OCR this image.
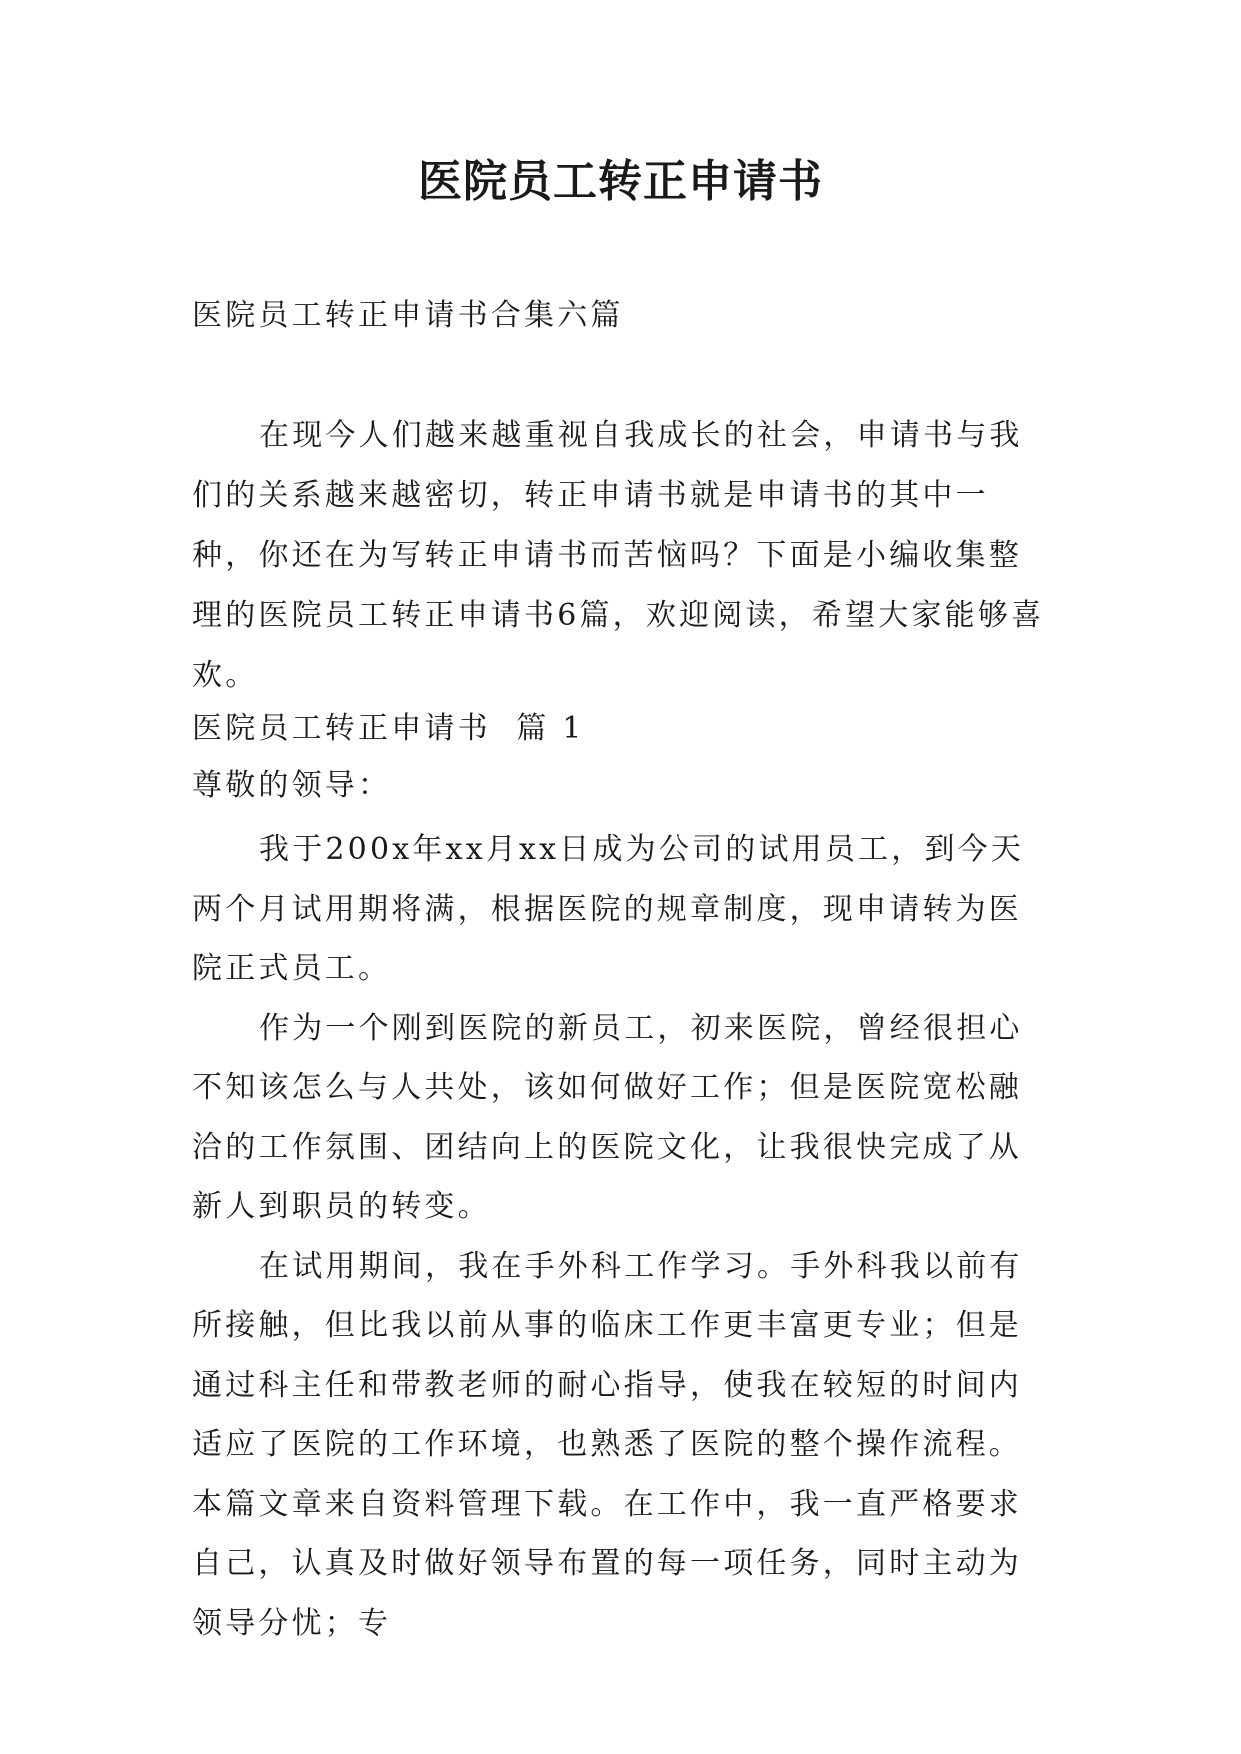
医院员工转正申请书

医院员工转正申请书合集六篇

在现今人们越来越重视自我成长的社会，申请书与我们的关系越来越密切，转正申请书就是申请书的其中一种，你还在为写转正申请书而苦恼吗？下面是小编收集整理的医院员工转正申请书6篇，欢迎阅读，希望大家能够喜欢。

医院员工转正申请书  篇 1

尊敬的领导：

我于200x年xx月xx日成为公司的试用员工，到今天两个月试用期将满，根据医院的规章制度，现申请转为医院正式员工。

作为一个刚到医院的新员工，初来医院，曾经很担心不知该怎么与人共处，该如何做好工作；但是医院宽松融洽的工作氛围、团结向上的医院文化，让我很快完成了从新人到职员的转变。

在试用期间，我在手外科工作学习。手外科我以前有所接触，但比我以前从事的临床工作更丰富更专业；但是通过科主任和带教老师的耐心指导，使我在较短的时间内适应了医院的工作环境，也熟悉了医院的整个操作流程。本篇文章来自资料管理下载。在工作中，我一直严格要求自己，认真及时做好领导布置的每一项任务，同时主动为领导分忧；专
